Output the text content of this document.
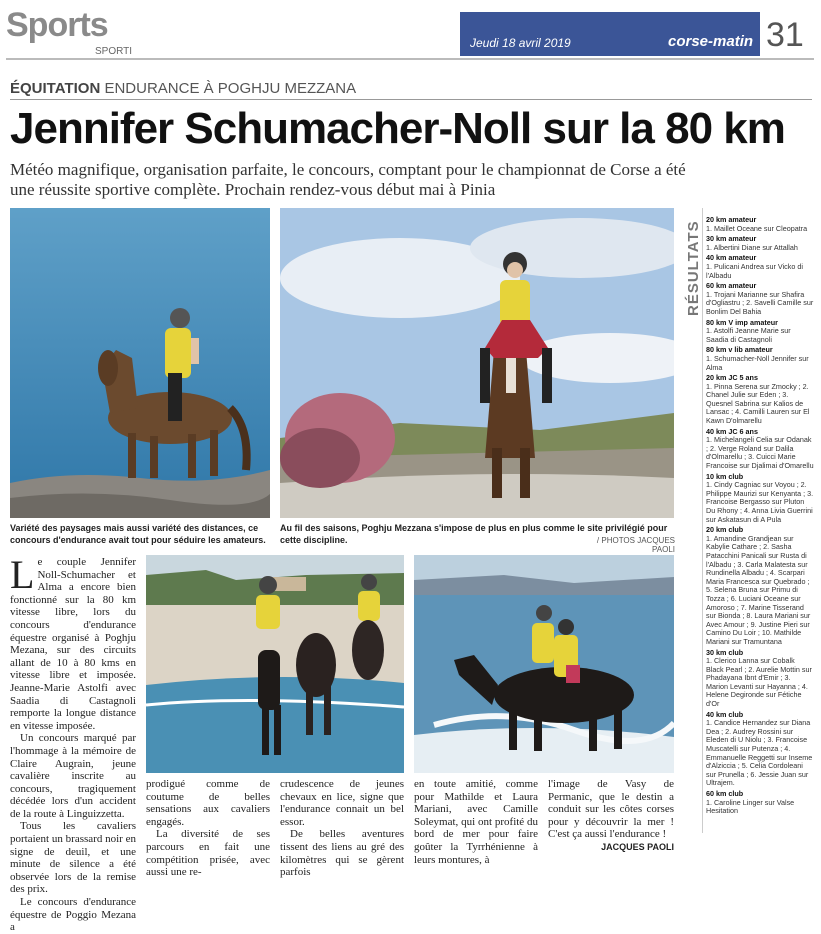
Sports
SPORTI
Jeudi 18 avril 2019	corse-matin 31
ÉQUITATION ENDURANCE À POGHJU MEZZANA
Jennifer Schumacher-Noll sur la 80 km
Météo magnifique, organisation parfaite, le concours, comptant pour le championnat de Corse a été une réussite sportive complète. Prochain rendez-vous début mai à Pinia
Variété des paysages mais aussi variété des distances, ce concours d'endurance avait tout pour séduire les amateurs.
Au fil des saisons, Poghju Mezzana s'impose de plus en plus comme le site privilégié pour cette discipline.	/ PHOTOS JACQUES PAOLI

Le couple Jennifer Noll-Schumacher et Alma a encore bien fonctionné sur la 80 km vitesse libre, lors du concours d'endurance équestre organisé à Poghju Mezana, sur des circuits allant de 10 à 80 kms en vitesse libre et imposée. Jeanne-Marie Astolfi avec Saadia di Castagnoli remporte la longue distance en vitesse imposée.

Un concours marqué par l'hommage à la mémoire de Claire Augrain, jeune cavalière inscrite au concours, tragiquement décédée lors d'un accident de la route à Linguizzetta.

Tous les cavaliers portaient un brassard noir en signe de deuil, et une minute de silence a été observée lors de la remise des prix.

Le concours d'endurance équestre de Poggio Mezana a

prodigué comme de coutume de belles sensations aux cavaliers engagés.

La diversité de ses parcours en fait une compétition prisée, avec aussi une re-

crudescence de jeunes chevaux en lice, signe que l'endurance connait un bel essor.

De belles aventures tissent des liens au gré des kilomètres qui se gèrent parfois

en toute amitié, comme pour Mathilde et Laura Mariani, avec Camille Soleymat, qui ont profité du bord de mer pour faire goûter la Tyrrhénienne à leurs montures, à

l'image de Vasy de Permanic, que le destin a conduit sur les côtes corses pour y découvrir la mer ! C'est ça aussi l'endurance !

JACQUES PAOLI
RÉSULTATS
20 km amateur
1. Maillet Oceane sur Cleopatra
30 km amateur
1. Albertini Diane sur Attallah
40 km amateur
1. Pulicani Andrea sur Vicko di l'Albadu
60 km amateur
1. Trojani Marianne sur Shafira d'Ogliastru ; 2. Savelli Camille sur Bonlim Del Bahia
80 km V imp amateur
1. Astolfi Jeanne Marie sur Saadia di Castagnoli
80 km v lib amateur
1. Schumacher-Noll Jennifer sur Alma
20 km JC 5 ans
1. Pinna Serena sur Zmocky ; 2. Chanel Julie sur Eden ; 3. Quesnel Sabrina sur Kalios de Lansac ; 4. Camilli Lauren sur El Kawn D'olmarellu
40 km JC 6 ans
1. Michelangeli Celia sur Odanak ; 2. Verge Roland sur Dalila d'Olmarellu ; 3. Cuicci Marie Francoise sur Djalimai d'Omarellu
10 km club
1. Cindy Cagniac sur Voyou ; 2. Philippe Maurizi sur Kenyanta ; 3. Francoise Bergasso sur Pluton Du Rhony ; 4. Anna Livia Guerrini sur Askatasun di A Pula
20 km club
1. Amandine Grandjean sur Kabylie Cathare ; 2. Sasha Patacchini Panicali sur Rusta di l'Albadu ; 3. Carla Malatesta sur Rundinella Albadu ; 4. Scarpari Maria Francesca sur Quebrado ; 5. Selena Bruna sur Primu di Tozza ; 6. Luciani Oceane sur Amoroso ; 7. Marine Tisserand sur Bionda ; 8. Laura Mariani sur Avec Amour ; 9. Justine Pieri sur Camino Du Loir ; 10. Mathilde Mariani sur Tramuntana
30 km club
1. Clerico Lanna sur Cobalk Black Pearl ; 2. Aurelie Mottin sur Phadayana Ibnt d'Emir ; 3. Marion Levanti sur Hayanna ; 4. Helene Degironde sur Fétiche d'Or
40 km club
1. Candice Hernandez sur Diana Dea ; 2. Audrey Rossini sur Eleden di U Niolu ; 3. Francoise Muscatelli sur Putenza ; 4. Emmanuelle Reggetti sur Inseme d'Alziccia ; 5. Celia Cordoleani sur Prunella ; 6. Jessie Juan sur Ultrajem.
60 km club
1. Caroline Linger sur Valse Hesitation
